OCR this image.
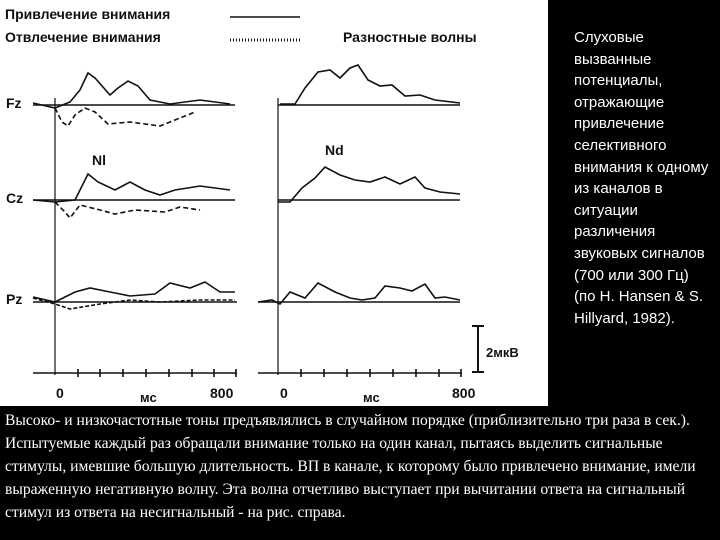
Привлечение внимания
Отвлечение внимания	Разностные волны
Fz
Cz
Pz
Nl
Nd
0	мс	800	0	мс	800
2мкВ
Слуховые вызванные потенциалы, отражающие привлечение селективного внимания к одному из каналов в ситуации различения звуковых сигналов (700 или 300 Гц) (по H. Hansen & S. Hillyard, 1982).
Высоко- и низкочастотные тоны предъявлялись в случайном порядке (приблизительно три раза в сек.). Испытуемые каждый раз обращали внимание только на один канал, пытаясь выделить сигнальные стимулы, имевшие большую длительность. ВП в канале, к которому было привлечено внимание, имели выраженную негативную волну. Эта волна отчетливо выступает при вычитании ответа на сигнальный стимул из ответа на несигнальный - на рис. справа.
